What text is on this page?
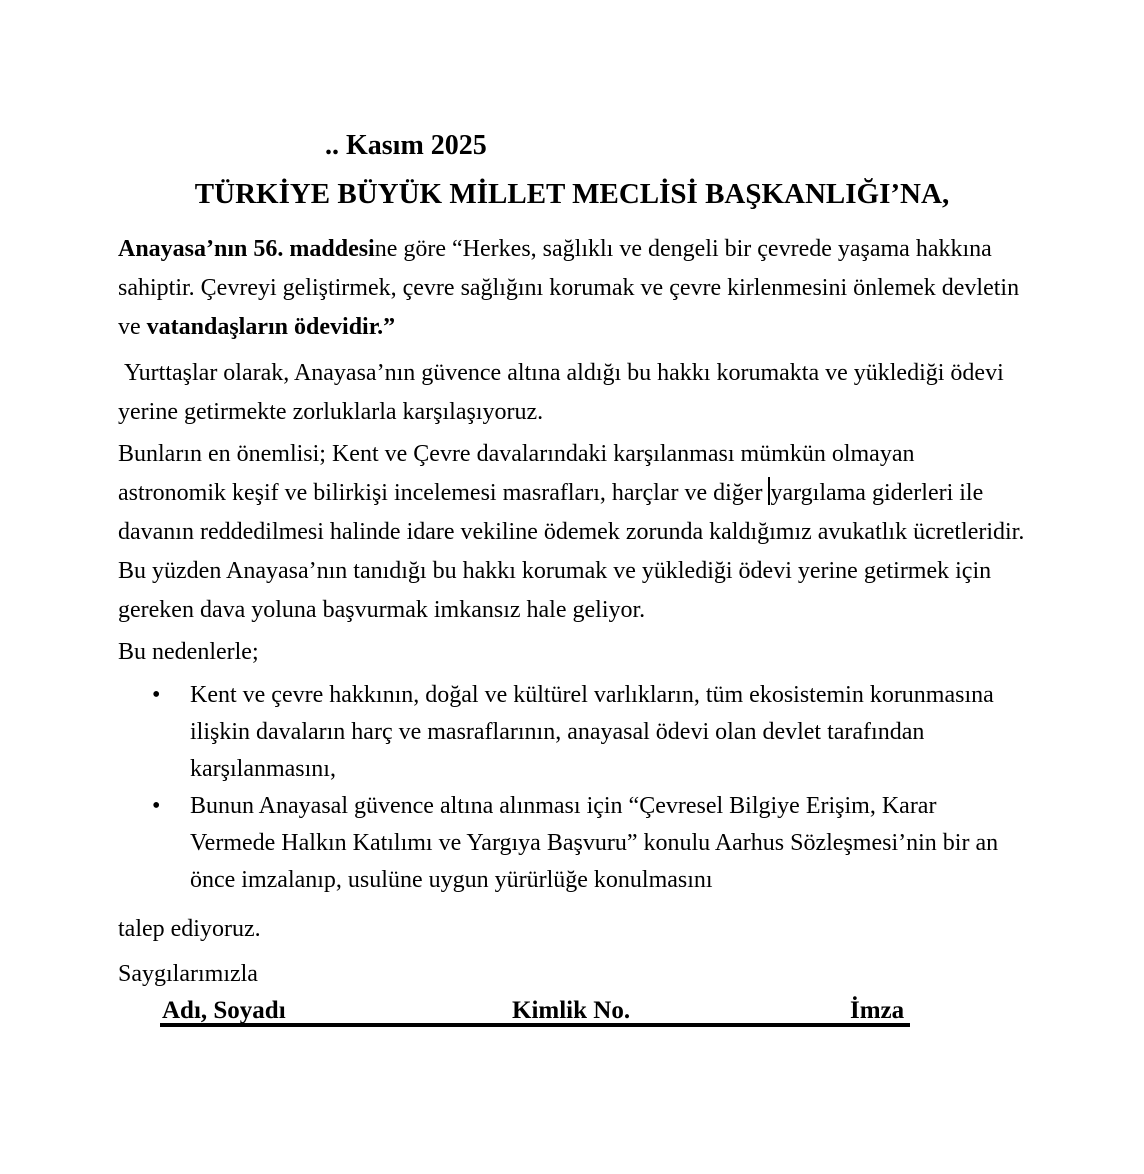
.. Kasım 2025
TÜRKİYE BÜYÜK MİLLET MECLİSİ BAŞKANLIĞI’NA,

Anayasa’nın 56. maddesine göre “Herkes, sağlıklı ve dengeli bir çevrede yaşama hakkına sahiptir. Çevreyi geliştirmek, çevre sağlığını korumak ve çevre kirlenmesini önlemek devletin ve vatandaşların ödevidir.”

Yurttaşlar olarak, Anayasa’nın güvence altına aldığı bu hakkı korumakta ve yüklediği ödevi yerine getirmekte zorluklarla karşılaşıyoruz.

Bunların en önemlisi; Kent ve Çevre davalarındaki karşılanması mümkün olmayan astronomik keşif ve bilirkişi incelemesi masrafları, harçlar ve diğer yargılama giderleri ile davanın reddedilmesi halinde idare vekiline ödemek zorunda kaldığımız avukatlık ücretleridir. Bu yüzden Anayasa’nın tanıdığı bu hakkı korumak ve yüklediği ödevi yerine getirmek için gereken dava yoluna başvurmak imkansız hale geliyor.

Bu nedenlerle;

•	Kent ve çevre hakkının, doğal ve kültürel varlıkların, tüm ekosistemin korunmasına ilişkin davaların harç ve masraflarının, anayasal ödevi olan devlet tarafından karşılanmasını,
•	Bunun Anayasal güvence altına alınması için “Çevresel Bilgiye Erişim, Karar Vermede Halkın Katılımı ve Yargıya Başvuru” konulu Aarhus Sözleşmesi’nin bir an önce imzalanıp, usulüne uygun yürürlüğe konulmasını

talep ediyoruz.

Saygılarımızla

Adı, Soyadı	Kimlik No.	İmza
